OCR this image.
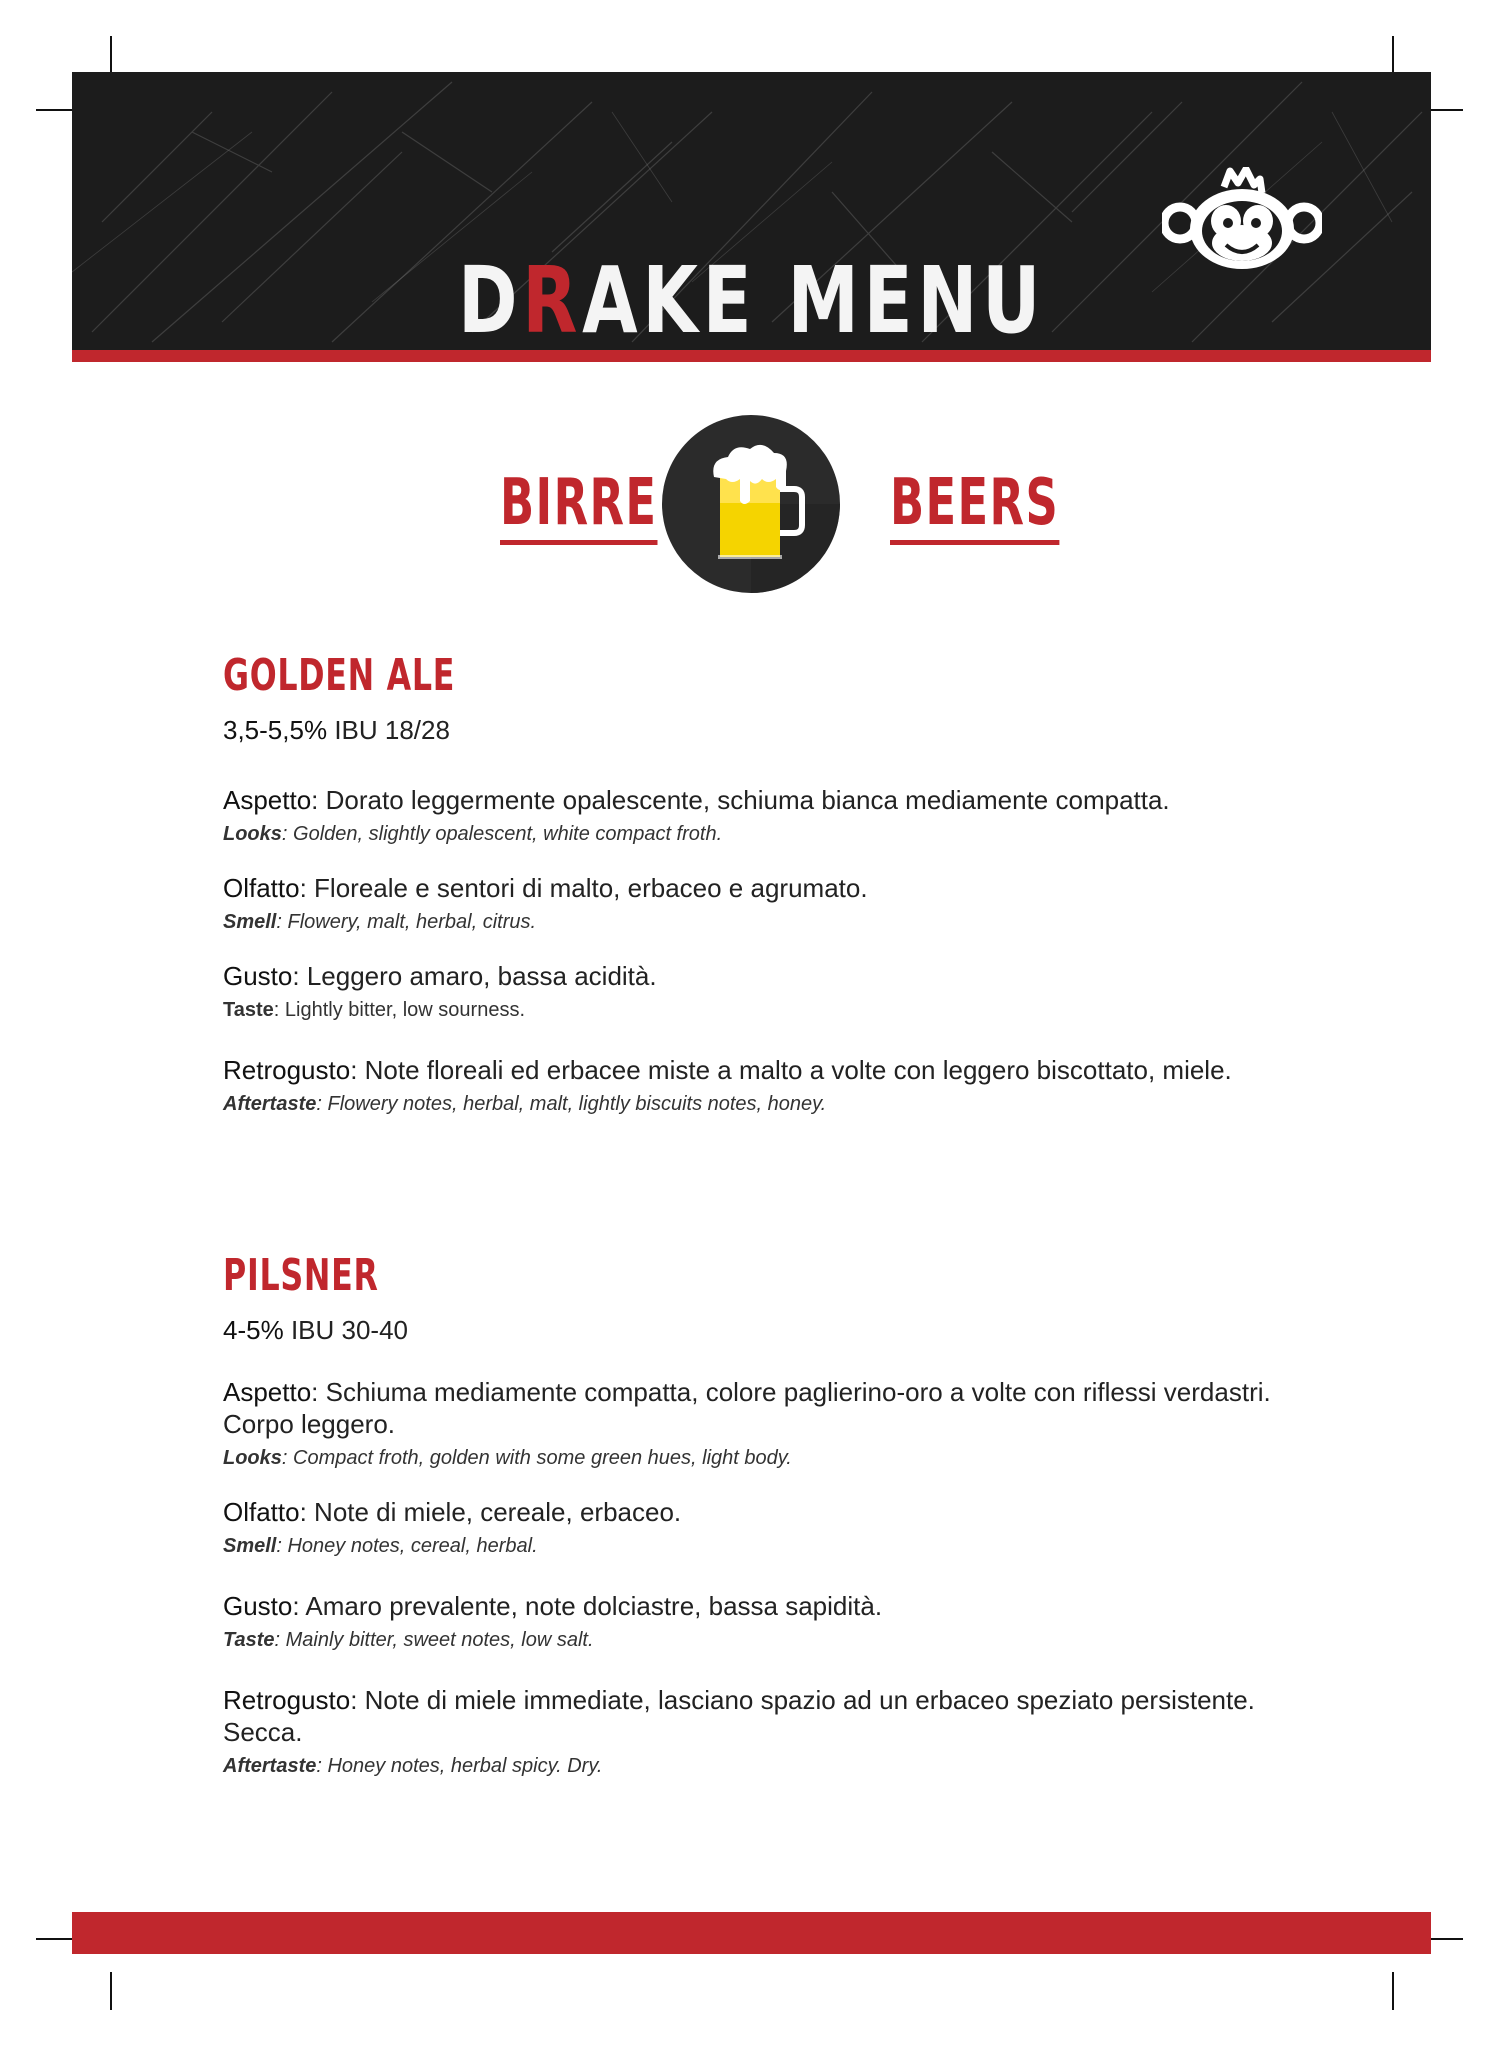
DRAKE MENU
BIRRE	BEERS
GOLDEN ALE
3,5-5,5% IBU 18/28
Aspetto: Dorato leggermente opalescente, schiuma bianca mediamente compatta.
Looks: Golden, slightly opalescent, white compact froth.
Olfatto: Floreale e sentori di malto, erbaceo e agrumato.
Smell: Flowery, malt, herbal, citrus.
Gusto: Leggero amaro, bassa acidità.
Taste: Lightly bitter, low sourness.
Retrogusto: Note floreali ed erbacee miste a malto a volte con leggero biscottato, miele.
Aftertaste: Flowery notes, herbal, malt, lightly biscuits notes, honey.
PILSNER
4-5% IBU 30-40
Aspetto: Schiuma mediamente compatta, colore paglierino-oro a volte con riflessi verdastri. Corpo leggero.
Looks: Compact froth, golden with some green hues, light body.
Olfatto: Note di miele, cereale, erbaceo.
Smell: Honey notes, cereal, herbal.
Gusto: Amaro prevalente, note dolciastre, bassa sapidità.
Taste: Mainly bitter, sweet notes, low salt.
Retrogusto: Note di miele immediate, lasciano spazio ad un erbaceo speziato persistente. Secca.
Aftertaste: Honey notes, herbal spicy. Dry.
